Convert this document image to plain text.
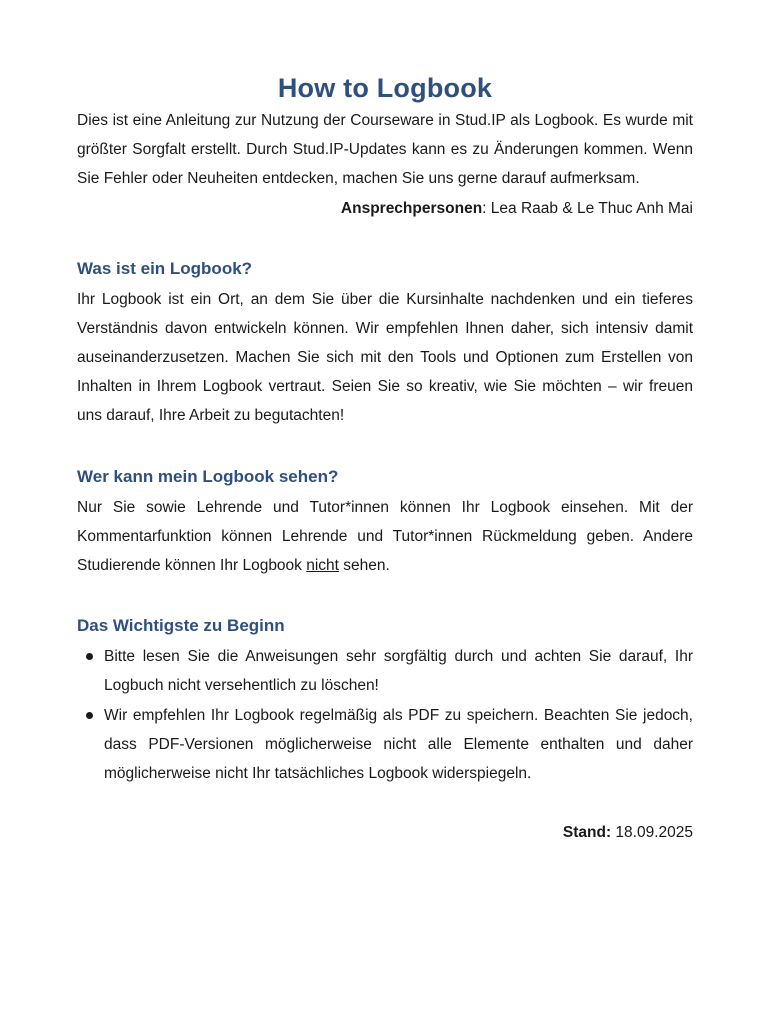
How to Logbook

Dies ist eine Anleitung zur Nutzung der Courseware in Stud.IP als Logbook. Es wurde mit größter Sorgfalt erstellt. Durch Stud.IP-Updates kann es zu Änderungen kommen. Wenn Sie Fehler oder Neuheiten entdecken, machen Sie uns gerne darauf aufmerksam.

Ansprechpersonen: Lea Raab & Le Thuc Anh Mai
Was ist ein Logbook?

Ihr Logbook ist ein Ort, an dem Sie über die Kursinhalte nachdenken und ein tieferes Verständnis davon entwickeln können. Wir empfehlen Ihnen daher, sich intensiv damit auseinanderzusetzen. Machen Sie sich mit den Tools und Optionen zum Erstellen von Inhalten in Ihrem Logbook vertraut. Seien Sie so kreativ, wie Sie möchten – wir freuen uns darauf, Ihre Arbeit zu begutachten!

Wer kann mein Logbook sehen?

Nur Sie sowie Lehrende und Tutor*innen können Ihr Logbook einsehen. Mit der Kommentarfunktion können Lehrende und Tutor*innen Rückmeldung geben. Andere Studierende können Ihr Logbook nicht sehen.

Das Wichtigste zu Beginn
Bitte lesen Sie die Anweisungen sehr sorgfältig durch und achten Sie darauf, Ihr Logbuch nicht versehentlich zu löschen!
Wir empfehlen Ihr Logbook regelmäßig als PDF zu speichern. Beachten Sie jedoch, dass PDF-Versionen möglicherweise nicht alle Elemente enthalten und daher möglicherweise nicht Ihr tatsächliches Logbook widerspiegeln.
Stand: 18.09.2025
